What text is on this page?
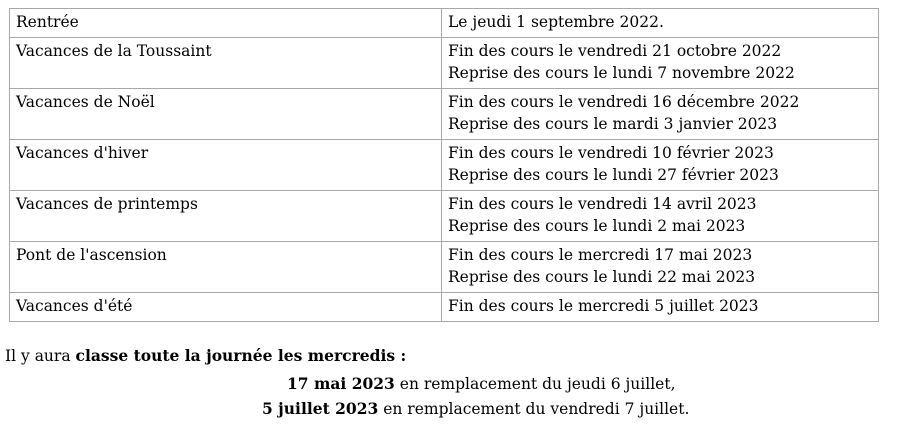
Rentrée	Le jeudi 1 septembre 2022.

Vacances de la Toussaint	Fin des cours le vendredi 21 octobre 2022
Reprise des cours le lundi 7 novembre 2022

Vacances de Noël	Fin des cours le vendredi 16 décembre 2022
Reprise des cours le mardi 3 janvier 2023

Vacances d'hiver	Fin des cours le vendredi 10 février 2023
Reprise des cours le lundi 27 février 2023

Vacances de printemps	Fin des cours le vendredi 14 avril 2023
Reprise des cours le lundi 2 mai 2023

Pont de l'ascension	Fin des cours le mercredi 17 mai 2023
Reprise des cours le lundi 22 mai 2023

Vacances d'été	Fin des cours le mercredi 5 juillet 2023
Il y aura classe toute la journée les mercredis :
17 mai 2023 en remplacement du jeudi 6 juillet,
5 juillet 2023 en remplacement du vendredi 7 juillet.
